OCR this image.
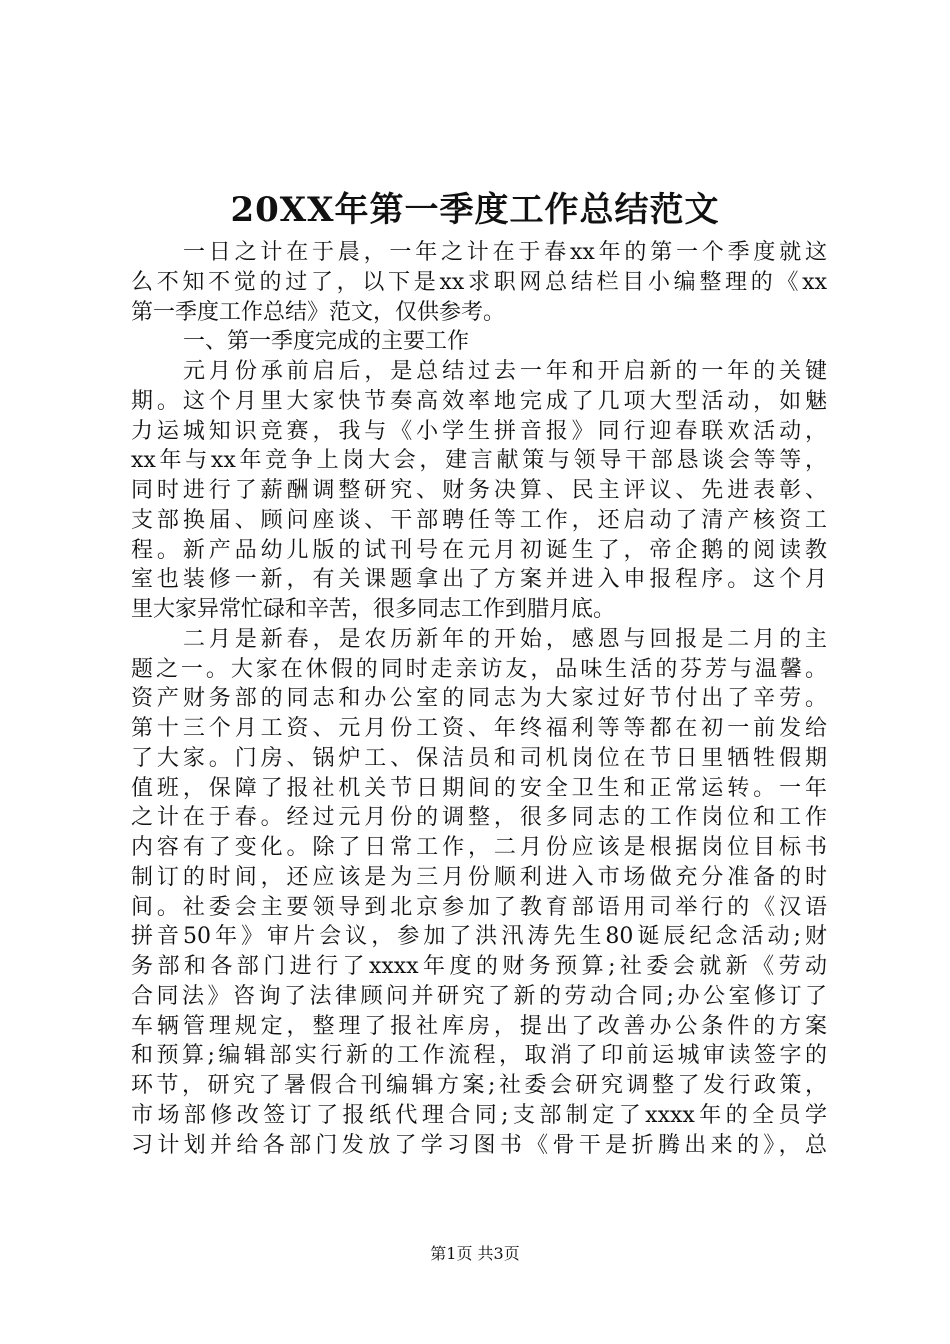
20XX年第一季度工作总结范文
一日之计在于晨，一年之计在于春xx年的第一个季度就这
么不知不觉的过了，以下是xx求职网总结栏目小编整理的《xx
第一季度工作总结》范文，仅供参考。
一、第一季度完成的主要工作
元月份承前启后，是总结过去一年和开启新的一年的关键
期。这个月里大家快节奏高效率地完成了几项大型活动，如魅
力运城知识竞赛，我与《小学生拼音报》同行迎春联欢活动，
xx年与xx年竞争上岗大会，建言献策与领导干部恳谈会等等，
同时进行了薪酬调整研究、财务决算、民主评议、先进表彰、
支部换届、顾问座谈、干部聘任等工作，还启动了清产核资工
程。新产品幼儿版的试刊号在元月初诞生了，帝企鹅的阅读教
室也装修一新，有关课题拿出了方案并进入申报程序。这个月
里大家异常忙碌和辛苦，很多同志工作到腊月底。
二月是新春，是农历新年的开始，感恩与回报是二月的主
题之一。大家在休假的同时走亲访友，品味生活的芬芳与温馨。
资产财务部的同志和办公室的同志为大家过好节付出了辛劳。
第十三个月工资、元月份工资、年终福利等等都在初一前发给
了大家。门房、锅炉工、保洁员和司机岗位在节日里牺牲假期
值班，保障了报社机关节日期间的安全卫生和正常运转。一年
之计在于春。经过元月份的调整，很多同志的工作岗位和工作
内容有了变化。除了日常工作，二月份应该是根据岗位目标书
制订的时间，还应该是为三月份顺利进入市场做充分准备的时
间。社委会主要领导到北京参加了教育部语用司举行的《汉语
拼音50年》审片会议，参加了洪汛涛先生80诞辰纪念活动;财
务部和各部门进行了xxxx年度的财务预算;社委会就新《劳动
合同法》咨询了法律顾问并研究了新的劳动合同;办公室修订了
车辆管理规定，整理了报社库房，提出了改善办公条件的方案
和预算;编辑部实行新的工作流程，取消了印前运城审读签字的
环节，研究了暑假合刊编辑方案;社委会研究调整了发行政策，
市场部修改签订了报纸代理合同;支部制定了xxxx年的全员学
习计划并给各部门发放了学习图书《骨干是折腾出来的》，总
第1页 共3页
